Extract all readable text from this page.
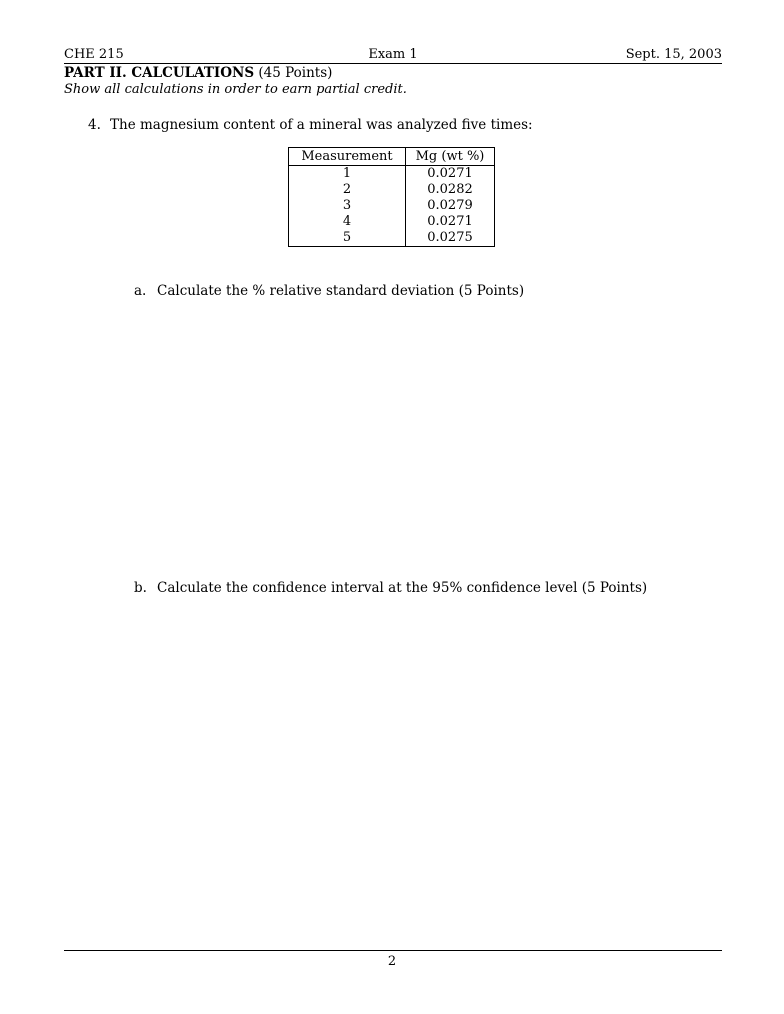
CHE 215	Exam 1	Sept. 15, 2003
PART II. CALCULATIONS (45 Points)
Show all calculations in order to earn partial credit.
4. The magnesium content of a mineral was analyzed five times:
Measurement	Mg (wt %)
1	0.0271
2	0.0282
3	0.0279
4	0.0271
5	0.0275
a. Calculate the % relative standard deviation (5 Points)
b. Calculate the confidence interval at the 95% confidence level (5 Points)
2
